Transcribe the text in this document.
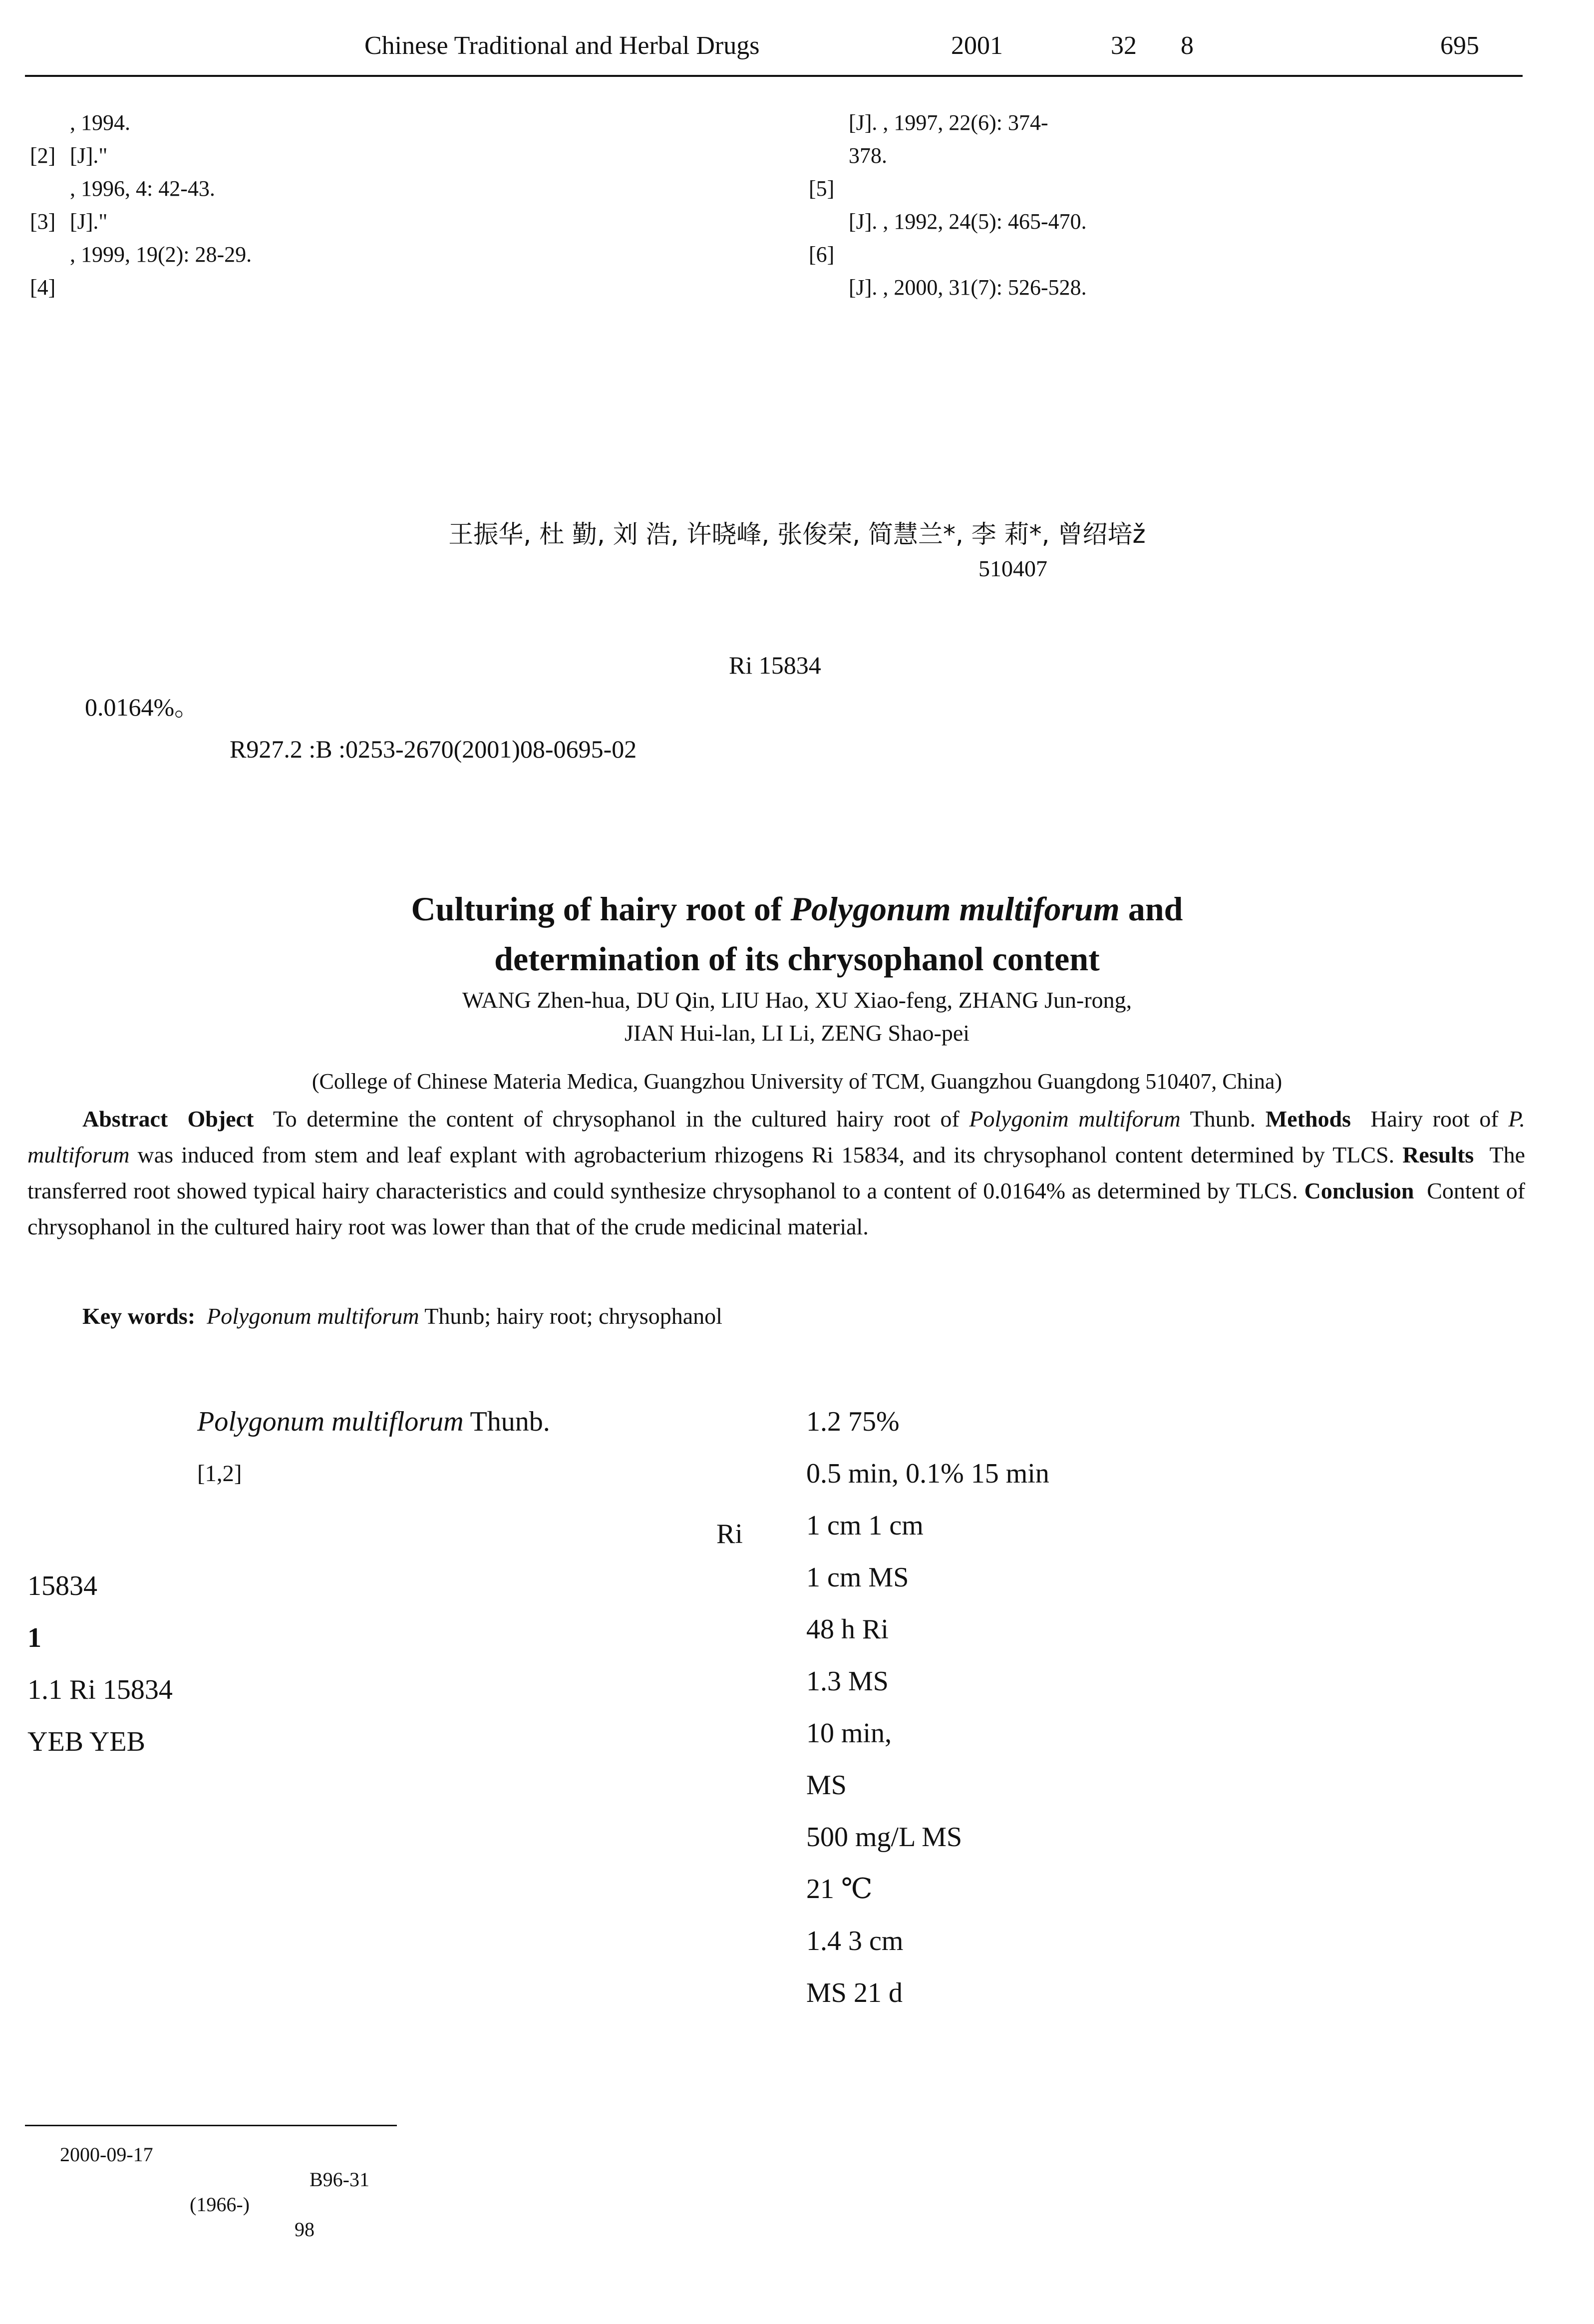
Chinese Traditional and Herbal Drugs	2001	32 8	695
, 1994.
[2] [J]."
, 1996, 4: 42-43.
[3] [J]."
, 1999, 19(2): 28-29.
[4]
[J]. , 1997, 22(6): 374-
378.
[5]
[J]. , 1992, 24(5): 465-470.
[6]
[J]. , 2000, 31(7): 526-528.
王振华, 杜 勤, 刘 浩, 许晓峰, 张俊荣, 简慧兰*, 李 莉*, 曾绍培ž
510407
Ri 15834
0.0164%。
R927.2 :B :0253-2670(2001)08-0695-02
Culturing of hairy root of Polygonum multiforum and
determination of its chrysophanol content
WANG Zhen-hua, DU Qin, LIU Hao, XU Xiao-feng, ZHANG Jun-rong,
JIAN Hui-lan, LI Li, ZENG Shao-pei
(College of Chinese Materia Medica, Guangzhou University of TCM, Guangzhou Guangdong 510407, China)
Abstract Object To determine the content of chrysophanol in the cultured hairy root of Polygonim multiforum Thunb. Methods Hairy root of P. multiforum was induced from stem and leaf explant with agrobacterium rhizogens Ri 15834, and its chrysophanol content determined by TLCS. Results The transferred root showed typical hairy characteristics and could synthesize chrysophanol to a content of 0.0164% as determined by TLCS. Conclusion Content of chrysophanol in the cultured hairy root was lower than that of the crude medicinal material.
Key words: Polygonum multiforum Thunb; hairy root; chrysophanol

Polygonum multiflorum Thunb.

[1,2]

Ri

15834

1

1.1 Ri 15834

YEB YEB

1.2 75%

0.5 min, 0.1% 15 min

1 cm 1 cm

1 cm MS

48 h Ri

1.3 MS

10 min,

MS

500 mg/L MS

21 ℃

1.4 3 cm

MS 21 d

2000-09-17
B96-31
(1966-)
98
